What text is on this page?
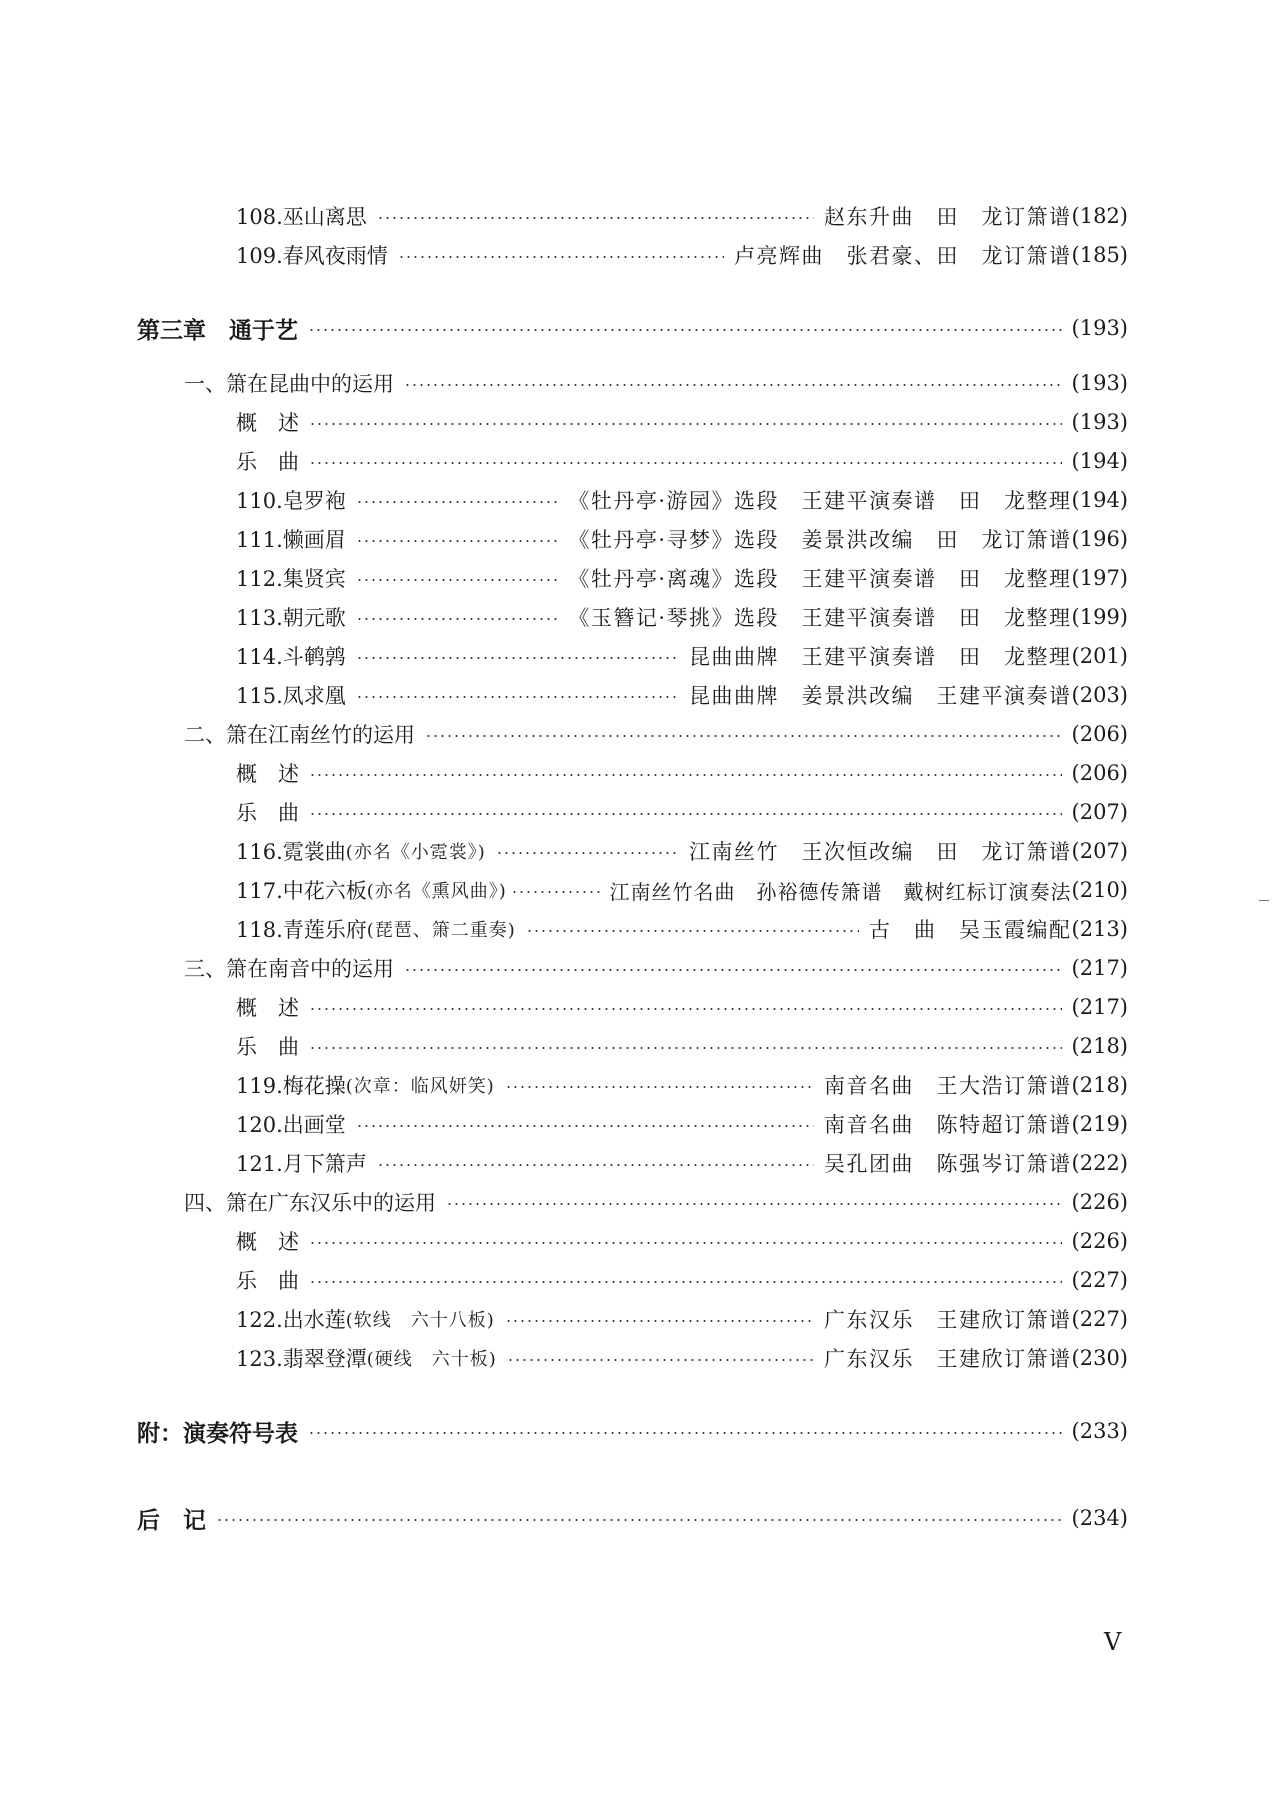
108.巫山离思	赵东升曲　田　龙订箫谱 (182)
109.春风夜雨情	卢亮辉曲　张君豪、田　龙订箫谱 (185)
第三章　通于艺	(193)
一、箫在昆曲中的运用	(193)
概　述	(193)
乐　曲	(194)
110.皂罗袍	《牡丹亭·游园》选段　王建平演奏谱　田　龙整理 (194)
111.懒画眉	《牡丹亭·寻梦》选段　姜景洪改编　田　龙订箫谱 (196)
112.集贤宾	《牡丹亭·离魂》选段　王建平演奏谱　田　龙整理 (197)
113.朝元歌	《玉簪记·琴挑》选段　王建平演奏谱　田　龙整理 (199)
114.斗鹌鹑	昆曲曲牌　王建平演奏谱　田　龙整理 (201)
115.凤求凰	昆曲曲牌　姜景洪改编　王建平演奏谱 (203)
二、箫在江南丝竹的运用	(206)
概　述	(206)
乐　曲	(207)
116.霓裳曲 (亦名《小霓裳》)	江南丝竹　王次恒改编　田　龙订箫谱 (207)
117.中花六板 (亦名《熏风曲》)	江南丝竹名曲　孙裕德传箫谱　戴树红标订演奏法 (210)
118.青莲乐府 (琵琶、箫二重奏)	古　曲　吴玉霞编配 (213)
三、箫在南音中的运用	(217)
概　述	(217)
乐　曲	(218)
119.梅花操 (次章：临风妍笑)	南音名曲　王大浩订箫谱 (218)
120.出画堂	南音名曲　陈特超订箫谱 (219)
121.月下箫声	吴孔团曲　陈强岑订箫谱 (222)
四、箫在广东汉乐中的运用	(226)
概　述	(226)
乐　曲	(227)
122.出水莲 (软线　六十八板)	广东汉乐　王建欣订箫谱 (227)
123.翡翠登潭 (硬线　六十板)	广东汉乐　王建欣订箫谱 (230)
附：演奏符号表	(233)
后　记	(234)
V
